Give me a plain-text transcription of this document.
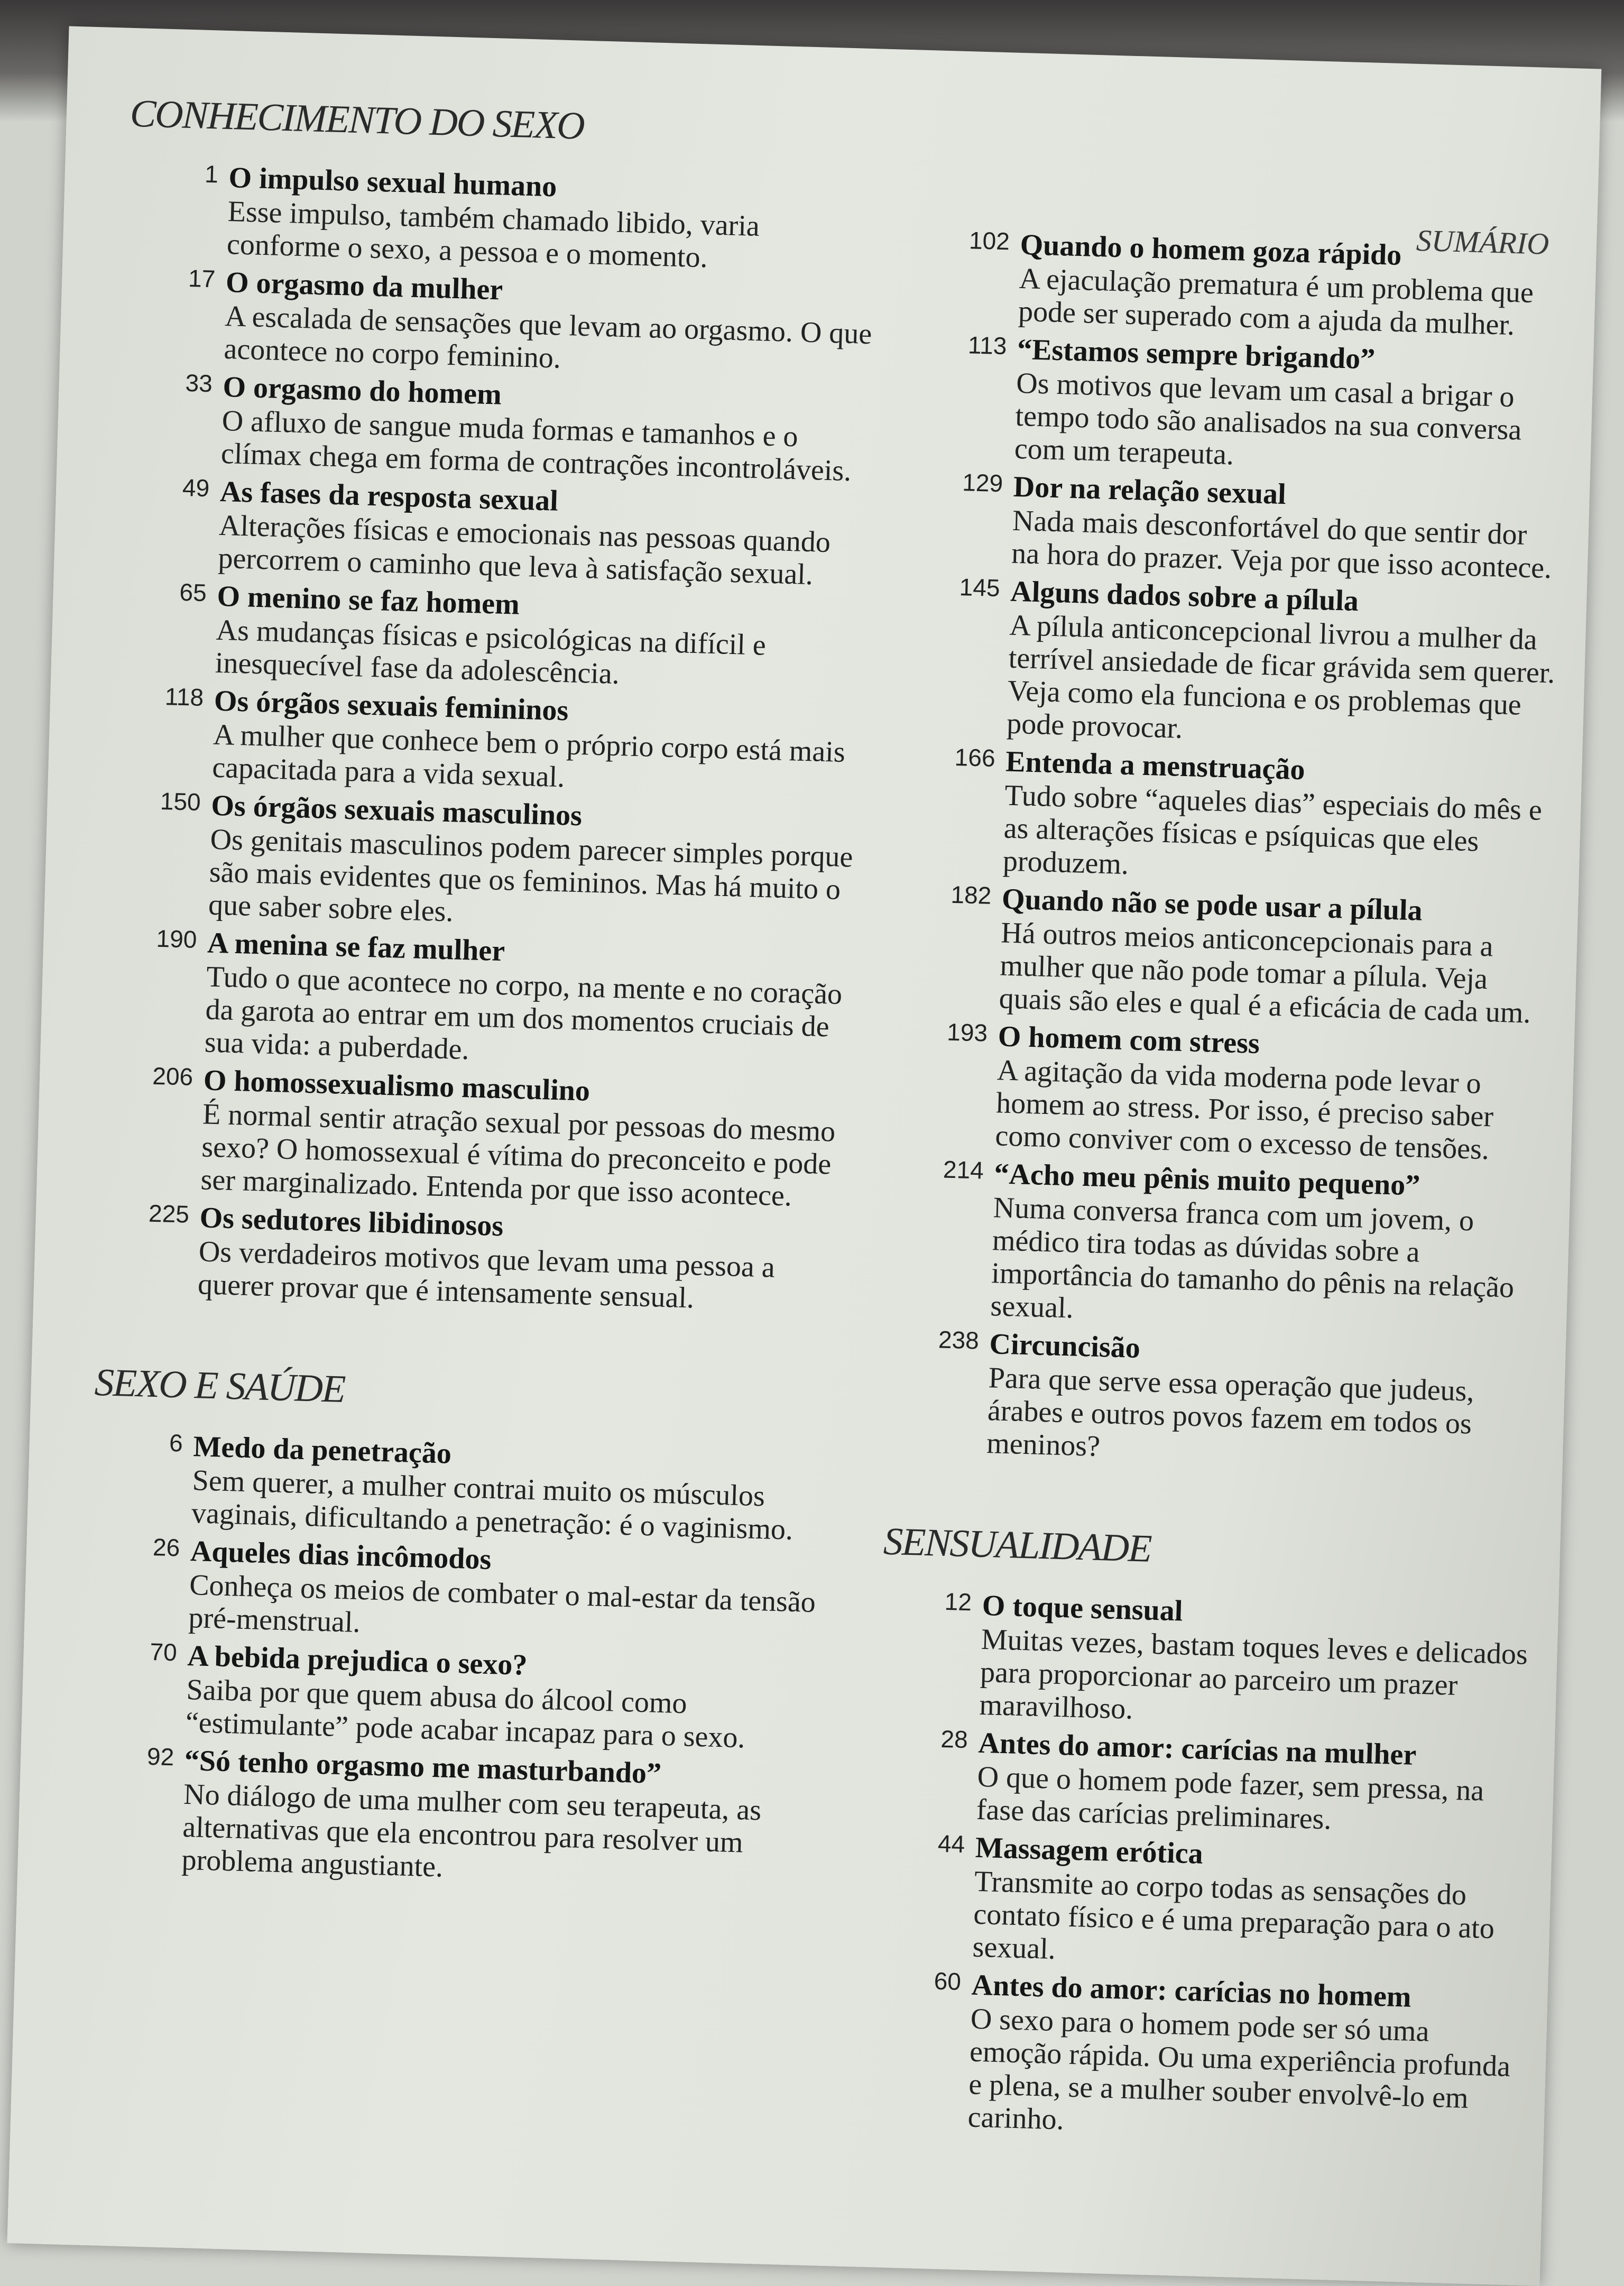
SUMÁRIO
CONHECIMENTO DO SEXO
1 O impulso sexual humano
Esse impulso, também chamado libido, varia conforme o sexo, a pessoa e o momento.
17 O orgasmo da mulher
A escalada de sensações que levam ao orgasmo. O que acontece no corpo feminino.
33 O orgasmo do homem
O afluxo de sangue muda formas e tamanhos e o clímax chega em forma de contrações incontroláveis.
49 As fases da resposta sexual
Alterações físicas e emocionais nas pessoas quando percorrem o caminho que leva à satisfação sexual.
65 O menino se faz homem
As mudanças físicas e psicológicas na difícil e inesquecível fase da adolescência.
118 Os órgãos sexuais femininos
A mulher que conhece bem o próprio corpo está mais capacitada para a vida sexual.
150 Os órgãos sexuais masculinos
Os genitais masculinos podem parecer simples porque são mais evidentes que os femininos. Mas há muito o que saber sobre eles.
190 A menina se faz mulher
Tudo o que acontece no corpo, na mente e no coração da garota ao entrar em um dos momentos cruciais de sua vida: a puberdade.
206 O homossexualismo masculino
É normal sentir atração sexual por pessoas do mesmo sexo? O homossexual é vítima do preconceito e pode ser marginalizado. Entenda por que isso acontece.
225 Os sedutores libidinosos
Os verdadeiros motivos que levam uma pessoa a querer provar que é intensamente sensual.
SEXO E SAÚDE
6 Medo da penetração
Sem querer, a mulher contrai muito os músculos vaginais, dificultando a penetração: é o vaginismo.
26 Aqueles dias incômodos
Conheça os meios de combater o mal-estar da tensão pré-menstrual.
70 A bebida prejudica o sexo?
Saiba por que quem abusa do álcool como “estimulante” pode acabar incapaz para o sexo.
92 “Só tenho orgasmo me masturbando”
No diálogo de uma mulher com seu terapeuta, as alternativas que ela encontrou para resolver um problema angustiante.
102 Quando o homem goza rápido
A ejaculação prematura é um problema que pode ser superado com a ajuda da mulher.
113 “Estamos sempre brigando”
Os motivos que levam um casal a brigar o tempo todo são analisados na sua conversa com um terapeuta.
129 Dor na relação sexual
Nada mais desconfortável do que sentir dor na hora do prazer. Veja por que isso acontece.
145 Alguns dados sobre a pílula
A pílula anticoncepcional livrou a mulher da terrível ansiedade de ficar grávida sem querer. Veja como ela funciona e os problemas que pode provocar.
166 Entenda a menstruação
Tudo sobre “aqueles dias” especiais do mês e as alterações físicas e psíquicas que eles produzem.
182 Quando não se pode usar a pílula
Há outros meios anticoncepcionais para a mulher que não pode tomar a pílula. Veja quais são eles e qual é a eficácia de cada um.
193 O homem com stress
A agitação da vida moderna pode levar o homem ao stress. Por isso, é preciso saber como conviver com o excesso de tensões.
214 “Acho meu pênis muito pequeno”
Numa conversa franca com um jovem, o médico tira todas as dúvidas sobre a importância do tamanho do pênis na relação sexual.
238 Circuncisão
Para que serve essa operação que judeus, árabes e outros povos fazem em todos os meninos?
SENSUALIDADE
12 O toque sensual
Muitas vezes, bastam toques leves e delicados para proporcionar ao parceiro um prazer maravilhoso.
28 Antes do amor: carícias na mulher
O que o homem pode fazer, sem pressa, na fase das carícias preliminares.
44 Massagem erótica
Transmite ao corpo todas as sensações do contato físico e é uma preparação para o ato sexual.
60 Antes do amor: carícias no homem
O sexo para o homem pode ser só uma emoção rápida. Ou uma experiência profunda e plena, se a mulher souber envolvê-lo em carinho.
